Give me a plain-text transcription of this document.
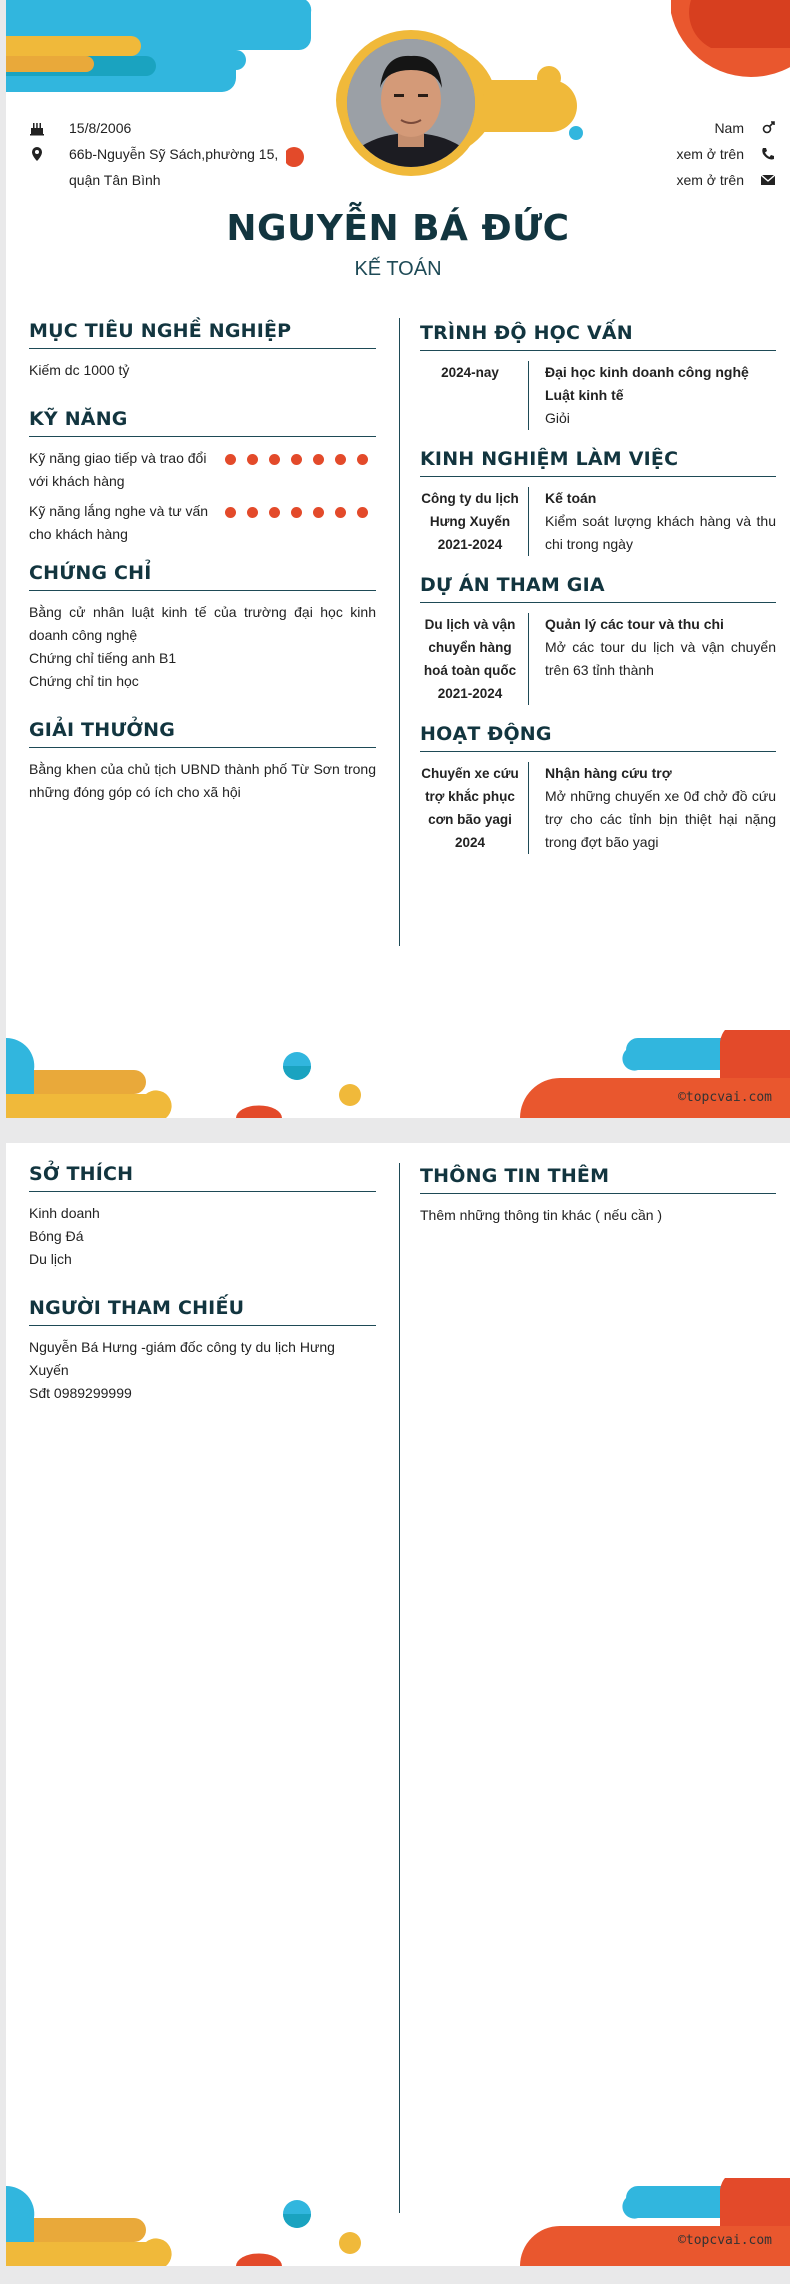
15/8/2006
66b-Nguyễn Sỹ Sách,phường 15,
quận Tân Bình
Nam
xem ở trên
xem ở trên
NGUYỄN BÁ ĐỨC
KẾ TOÁN
MỤC TIÊU NGHỀ NGHIỆP
Kiếm dc 1000 tỷ
KỸ NĂNG
Kỹ năng giao tiếp và trao đổi với khách hàng
Kỹ năng lắng nghe và tư vấn cho khách hàng
CHỨNG CHỈ
Bằng cử nhân luật kinh tế của trường đại học kinh doanh công nghệ
Chứng chỉ tiếng anh B1
Chứng chỉ tin học
GIẢI THƯỞNG
Bằng khen của chủ tịch UBND thành phố Từ Sơn trong những đóng góp có ích cho xã hội
TRÌNH ĐỘ HỌC VẤN
2024-nay	Đại học kinh doanh công nghệ
Luật kinh tế
Giỏi
KINH NGHIỆM LÀM VIỆC
Công ty du lịch Hưng Xuyến
2021-2024
Kế toán
Kiểm soát lượng khách hàng và thu chi trong ngày
DỰ ÁN THAM GIA
Du lịch và vận chuyển hàng hoá toàn quốc
2021-2024
Quản lý các tour và thu chi
Mở các tour du lịch và vận chuyển trên 63 tỉnh thành
HOẠT ĐỘNG
Chuyến xe cứu trợ khắc phục cơn bão yagi
2024
Nhận hàng cứu trợ
Mở những chuyến xe 0đ chở đồ cứu trợ cho các tỉnh bịn thiệt hại nặng trong đợt bão yagi
©topcvai.com
SỞ THÍCH
Kinh doanh
Bóng Đá
Du lịch
NGƯỜI THAM CHIẾU
Nguyễn Bá Hưng -giám đốc công ty du lịch Hưng Xuyến
Sđt 0989299999
THÔNG TIN THÊM
Thêm những thông tin khác ( nếu cần )
©topcvai.com
